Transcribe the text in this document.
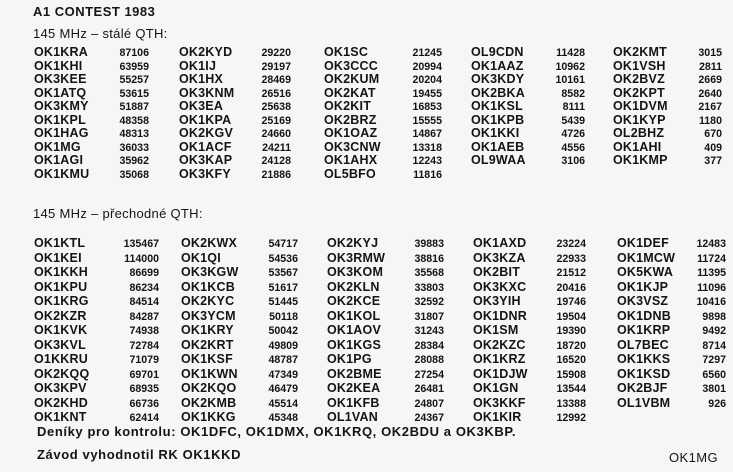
A1 CONTEST 1983
145 MHz – stálé QTH:
OK1KRA	87106
OK1KHI	63959
OK3KEE	55257
OK1ATQ	53615
OK3KMY	51887
OK1KPL	48358
OK1HAG	48313
OK1MG	36033
OK1AGI	35962
OK1KMU	35068
OK2KYD	29220
OK1IJ	29197
OK1HX	28469
OK3KNM	26516
OK3EA	25638
OK1KPA	25169
OK2KGV	24660
OK1ACF	24211
OK3KAP	24128
OK3KFY	21886
OK1SC	21245
OK3CCC	20994
OK2KUM	20204
OK2KAT	19455
OK2KIT	16853
OK2BRZ	15555
OK1OAZ	14867
OK3CNW	13318
OK1AHX	12243
OL5BFO	11816
OL9CDN	11428
OK1AAZ	10962
OK3KDY	10161
OK2BKA	8582
OK1KSL	8111
OK1KPB	5439
OK1KKI	4726
OK1AEB	4556
OL9WAA	3106
OK2KMT	3015
OK1VSH	2811
OK2BVZ	2669
OK2KPT	2640
OK1DVM	2167
OK1KYP	1180
OL2BHZ	670
OK1AHI	409
OK1KMP	377
145 MHz – přechodné QTH:
OK1KTL	135467
OK1KEI	114000
OK1KKH	86699
OK1KPU	86234
OK1KRG	84514
OK2KZR	84287
OK1KVK	74938
OK3KVL	72784
O1KKRU	71079
OK2KQQ	69701
OK3KPV	68935
OK2KHD	66736
OK1KNT	62414
OK2KWX	54717
OK1QI	54536
OK3KGW	53567
OK1KCB	51617
OK2KYC	51445
OK3YCM	50118
OK1KRY	50042
OK2KRT	49809
OK1KSF	48787
OK1KWN	47349
OK2KQO	46479
OK2KMB	45514
OK1KKG	45348
OK2KYJ	39883
OK3RMW	38816
OK3KOM	35568
OK2KLN	33803
OK2KCE	32592
OK1KOL	31807
OK1AOV	31243
OK1KGS	28384
OK1PG	28088
OK2BME	27254
OK2KEA	26481
OK1KFB	24807
OL1VAN	24367
OK1AXD	23224
OK3KZA	22933
OK2BIT	21512
OK3KXC	20416
OK3YIH	19746
OK1DNR	19504
OK1SM	19390
OK2KZC	18720
OK1KRZ	16520
OK1DJW	15908
OK1GN	13544
OK3KKF	13388
OK1KIR	12992
OK1DEF	12483
OK1MCW 11724
OK5KWA 11395
OK1KJP	11096
OK3VSZ	10416
OK1DNB	9898
OK1KRP	9492
OL7BEC	8714
OK1KKS	7297
OK1KSD	6560
OK2BJF	3801
OL1VBM	926
Deníky pro kontrolu: OK1DFC, OK1DMX, OK1KRQ, OK2BDU a OK3KBP.
Závod vyhodnotil RK OK1KKD	OK1MG
